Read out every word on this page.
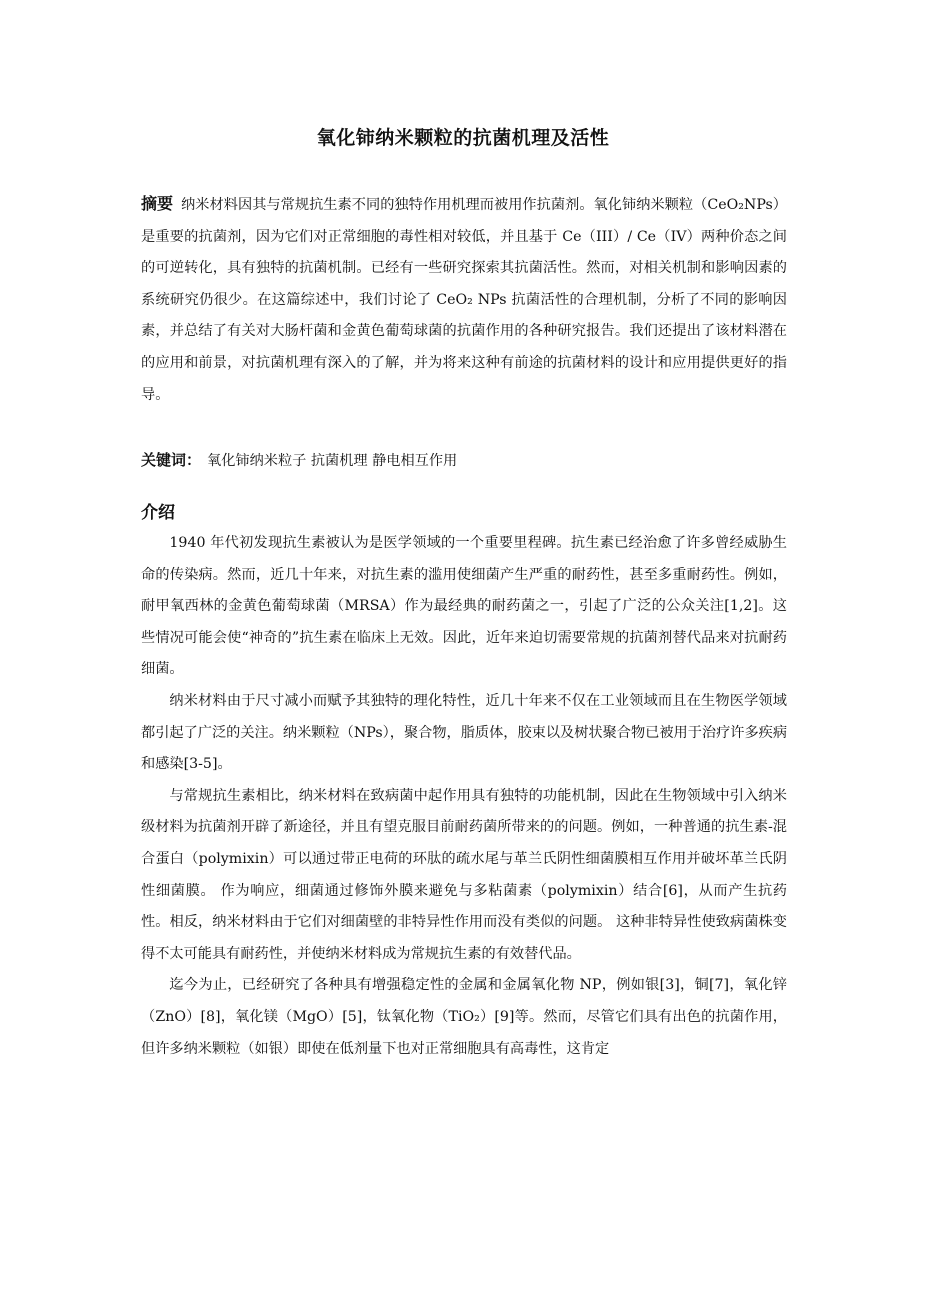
氧化铈纳米颗粒的抗菌机理及活性
摘要 纳米材料因其与常规抗生素不同的独特作用机理而被用作抗菌剂。氧化铈纳米颗粒（CeO₂NPs）是重要的抗菌剂，因为它们对正常细胞的毒性相对较低，并且基于 Ce（III）/ Ce（IV）两种价态之间的可逆转化，具有独特的抗菌机制。已经有一些研究探索其抗菌活性。然而，对相关机制和影响因素的系统研究仍很少。在这篇综述中，我们讨论了 CeO₂ NPs 抗菌活性的合理机制，分析了不同的影响因素，并总结了有关对大肠杆菌和金黄色葡萄球菌的抗菌作用的各种研究报告。我们还提出了该材料潜在的应用和前景，对抗菌机理有深入的了解，并为将来这种有前途的抗菌材料的设计和应用提供更好的指导。
关键词： 氧化铈纳米粒子 抗菌机理 静电相互作用
介绍

1940 年代初发现抗生素被认为是医学领域的一个重要里程碑。抗生素已经治愈了许多曾经威胁生命的传染病。然而，近几十年来，对抗生素的滥用使细菌产生严重的耐药性，甚至多重耐药性。例如，耐甲氧西林的金黄色葡萄球菌（MRSA）作为最经典的耐药菌之一，引起了广泛的公众关注[1,2]。这些情况可能会使“神奇的”抗生素在临床上无效。因此，近年来迫切需要常规的抗菌剂替代品来对抗耐药细菌。

纳米材料由于尺寸减小而赋予其独特的理化特性，近几十年来不仅在工业领域而且在生物医学领域都引起了广泛的关注。纳米颗粒（NPs），聚合物，脂质体，胶束以及树状聚合物已被用于治疗许多疾病和感染[3-5]。

与常规抗生素相比，纳米材料在致病菌中起作用具有独特的功能机制，因此在生物领域中引入纳米级材料为抗菌剂开辟了新途径，并且有望克服目前耐药菌所带来的的问题。例如，一种普通的抗生素-混合蛋白（polymixin）可以通过带正电荷的环肽的疏水尾与革兰氏阴性细菌膜相互作用并破坏革兰氏阴性细菌膜。 作为响应，细菌通过修饰外膜来避免与多粘菌素（polymixin）结合[6]，从而产生抗药性。相反，纳米材料由于它们对细菌壁的非特异性作用而没有类似的问题。 这种非特异性使致病菌株变得不太可能具有耐药性，并使纳米材料成为常规抗生素的有效替代品。

迄今为止，已经研究了各种具有增强稳定性的金属和金属氧化物 NP，例如银[3]，铜[7]，氧化锌（ZnO）[8]，氧化镁（MgO）[5]，钛氧化物（TiO₂）[9]等。然而，尽管它们具有出色的抗菌作用，但许多纳米颗粒（如银）即使在低剂量下也对正常细胞具有高毒性，这肯定
